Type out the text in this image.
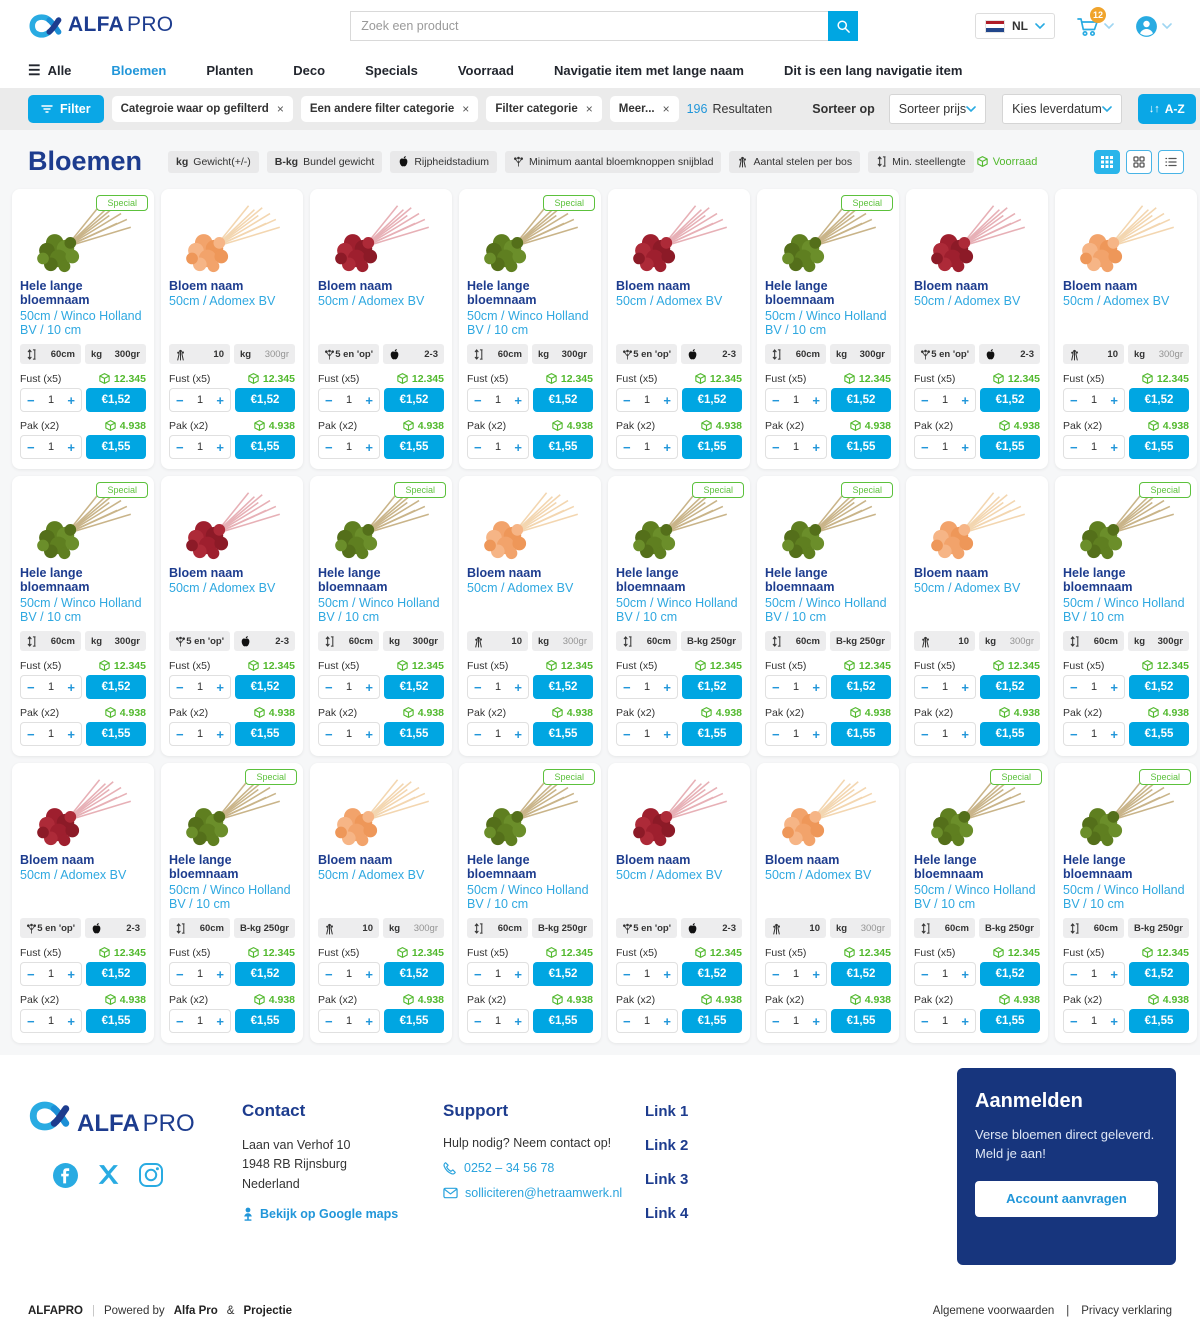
ALFA PRO
Zoek een product	NL
12
☰ Alle	Bloemen	Planten	Deco	Specials	Voorraad	Navigatie item met lange naam	Dit is een lang navigatie item
Filter	Categroie waar op gefilterd × Een andere filter categorie × Filter categorie × Meer... × 196 Resultaten	Sorteer op Sorteer prijs	Kies leverdatum	↓↑ A-Z
Bloemen	kg Gewicht(+/-) B-kg Bundel gewicht	Rijpheidstadium	Minimum aantal bloemknoppen snijblad	Aantal stelen per bos	Min. steellengte Voorraad
Special
Hele lange bloemnaam
50cm / Winco Holland BV / 10 cm
60cm kg 300gr
Fust (x5)	12.345
− 1 +	€1,52
Pak (x2)	4.938
− 1 +	€1,55
Bloem naam
50cm / Adomex BV
10 kg 300gr
Fust (x5)	12.345
− 1 +	€1,52
Pak (x2)	4.938
− 1 +	€1,55
Bloem naam
50cm / Adomex BV
5 en 'op'	2-3
Fust (x5)	12.345
− 1 +	€1,52
Pak (x2)	4.938
− 1 +	€1,55
Special
Hele lange bloemnaam
50cm / Winco Holland BV / 10 cm
60cm kg 300gr
Fust (x5)	12.345
− 1 +	€1,52
Pak (x2)	4.938
− 1 +	€1,55
Bloem naam
50cm / Adomex BV
5 en 'op'	2-3
Fust (x5)	12.345
− 1 +	€1,52
Pak (x2)	4.938
− 1 +	€1,55
Special
Hele lange bloemnaam
50cm / Winco Holland BV / 10 cm
60cm kg 300gr
Fust (x5)	12.345
− 1 +	€1,52
Pak (x2)	4.938
− 1 +	€1,55
Bloem naam
50cm / Adomex BV
5 en 'op'	2-3
Fust (x5)	12.345
− 1 +	€1,52
Pak (x2)	4.938
− 1 +	€1,55
Bloem naam
50cm / Adomex BV
10 kg 300gr
Fust (x5)	12.345
− 1 +	€1,52
Pak (x2)	4.938
− 1 +	€1,55
Special
Hele lange bloemnaam
50cm / Winco Holland BV / 10 cm
60cm kg 300gr
Fust (x5)	12.345
− 1 +	€1,52
Pak (x2)	4.938
− 1 +	€1,55
Bloem naam
50cm / Adomex BV
5 en 'op'	2-3
Fust (x5)	12.345
− 1 +	€1,52
Pak (x2)	4.938
− 1 +	€1,55
Special
Hele lange bloemnaam
50cm / Winco Holland BV / 10 cm
60cm kg 300gr
Fust (x5)	12.345
− 1 +	€1,52
Pak (x2)	4.938
− 1 +	€1,55
Bloem naam
50cm / Adomex BV
10 kg 300gr
Fust (x5)	12.345
− 1 +	€1,52
Pak (x2)	4.938
− 1 +	€1,55
Special
Hele lange bloemnaam
50cm / Winco Holland BV / 10 cm
60cm B-kg 250gr
Fust (x5)	12.345
− 1 +	€1,52
Pak (x2)	4.938
− 1 +	€1,55
Special
Hele lange bloemnaam
50cm / Winco Holland BV / 10 cm
60cm B-kg 250gr
Fust (x5)	12.345
− 1 +	€1,52
Pak (x2)	4.938
− 1 +	€1,55
Bloem naam
50cm / Adomex BV
10 kg 300gr
Fust (x5)	12.345
− 1 +	€1,52
Pak (x2)	4.938
− 1 +	€1,55
Special
Hele lange bloemnaam
50cm / Winco Holland BV / 10 cm
60cm kg 300gr
Fust (x5)	12.345
− 1 +	€1,52
Pak (x2)	4.938
− 1 +	€1,55
Bloem naam
50cm / Adomex BV
5 en 'op'	2-3
Fust (x5)	12.345
− 1 +	€1,52
Pak (x2)	4.938
− 1 +	€1,55
Special
Hele lange bloemnaam
50cm / Winco Holland BV / 10 cm
60cm B-kg 250gr
Fust (x5)	12.345
− 1 +	€1,52
Pak (x2)	4.938
− 1 +	€1,55
Bloem naam
50cm / Adomex BV
10 kg 300gr
Fust (x5)	12.345
− 1 +	€1,52
Pak (x2)	4.938
− 1 +	€1,55
Special
Hele lange bloemnaam
50cm / Winco Holland BV / 10 cm
60cm B-kg 250gr
Fust (x5)	12.345
− 1 +	€1,52
Pak (x2)	4.938
− 1 +	€1,55
Bloem naam
50cm / Adomex BV
5 en 'op'	2-3
Fust (x5)	12.345
− 1 +	€1,52
Pak (x2)	4.938
− 1 +	€1,55
Bloem naam
50cm / Adomex BV
10 kg 300gr
Fust (x5)	12.345
− 1 +	€1,52
Pak (x2)	4.938
− 1 +	€1,55
Special
Hele lange bloemnaam
50cm / Winco Holland BV / 10 cm
60cm B-kg 250gr
Fust (x5)	12.345
− 1 +	€1,52
Pak (x2)	4.938
− 1 +	€1,55
Special
Hele lange bloemnaam
50cm / Winco Holland BV / 10 cm
60cm B-kg 250gr
Fust (x5)	12.345
− 1 +	€1,52
Pak (x2)	4.938
− 1 +	€1,55
ALFA PRO	Contact
Laan van Verhof 10
1948 RB Rijnsburg
Nederland
Bekijk op Google maps
Support
Hulp nodig? Neem contact op!
0252 – 34 56 78
solliciteren@hetraamwerk.nl
Link 1
Link 2
Link 3
Link 4
Aanmelden

Verse bloemen direct geleverd. Meld je aan!

Account aanvragen
ALFAPRO | Powered by Alfa Pro & Projectie	Algemene voorwaarden | Privacy verklaring
